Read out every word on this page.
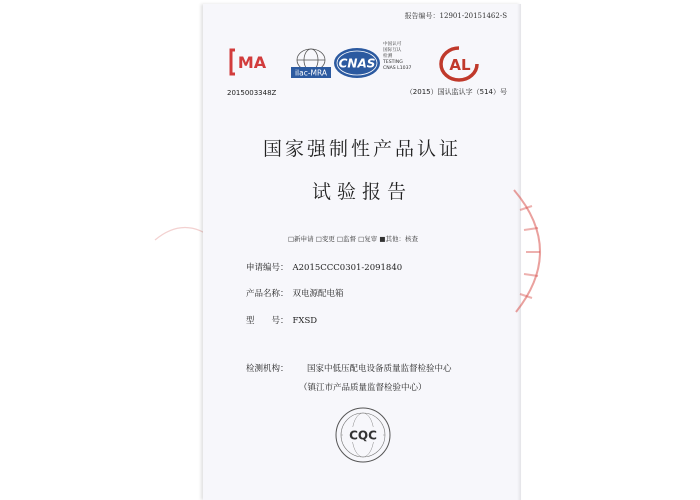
报告编号：12901-20151462-S
MA
ilac-MRA
CNAS
中国认可
国际互认
检测
TESTING
CNAS L1037	AL
2015003348Z	（2015）国认监认字（514）号
国家强制性产品认证
试验报告
□新申请 □变更 □监督 □复审 ■其他：核查
申请编号： A2015CCC0301-2091840
产品名称： 双电源配电箱
型　　号： FXSD
检测机构： 国家中低压配电设备质量监督检验中心
（镇江市产品质量监督检验中心）
CQC
